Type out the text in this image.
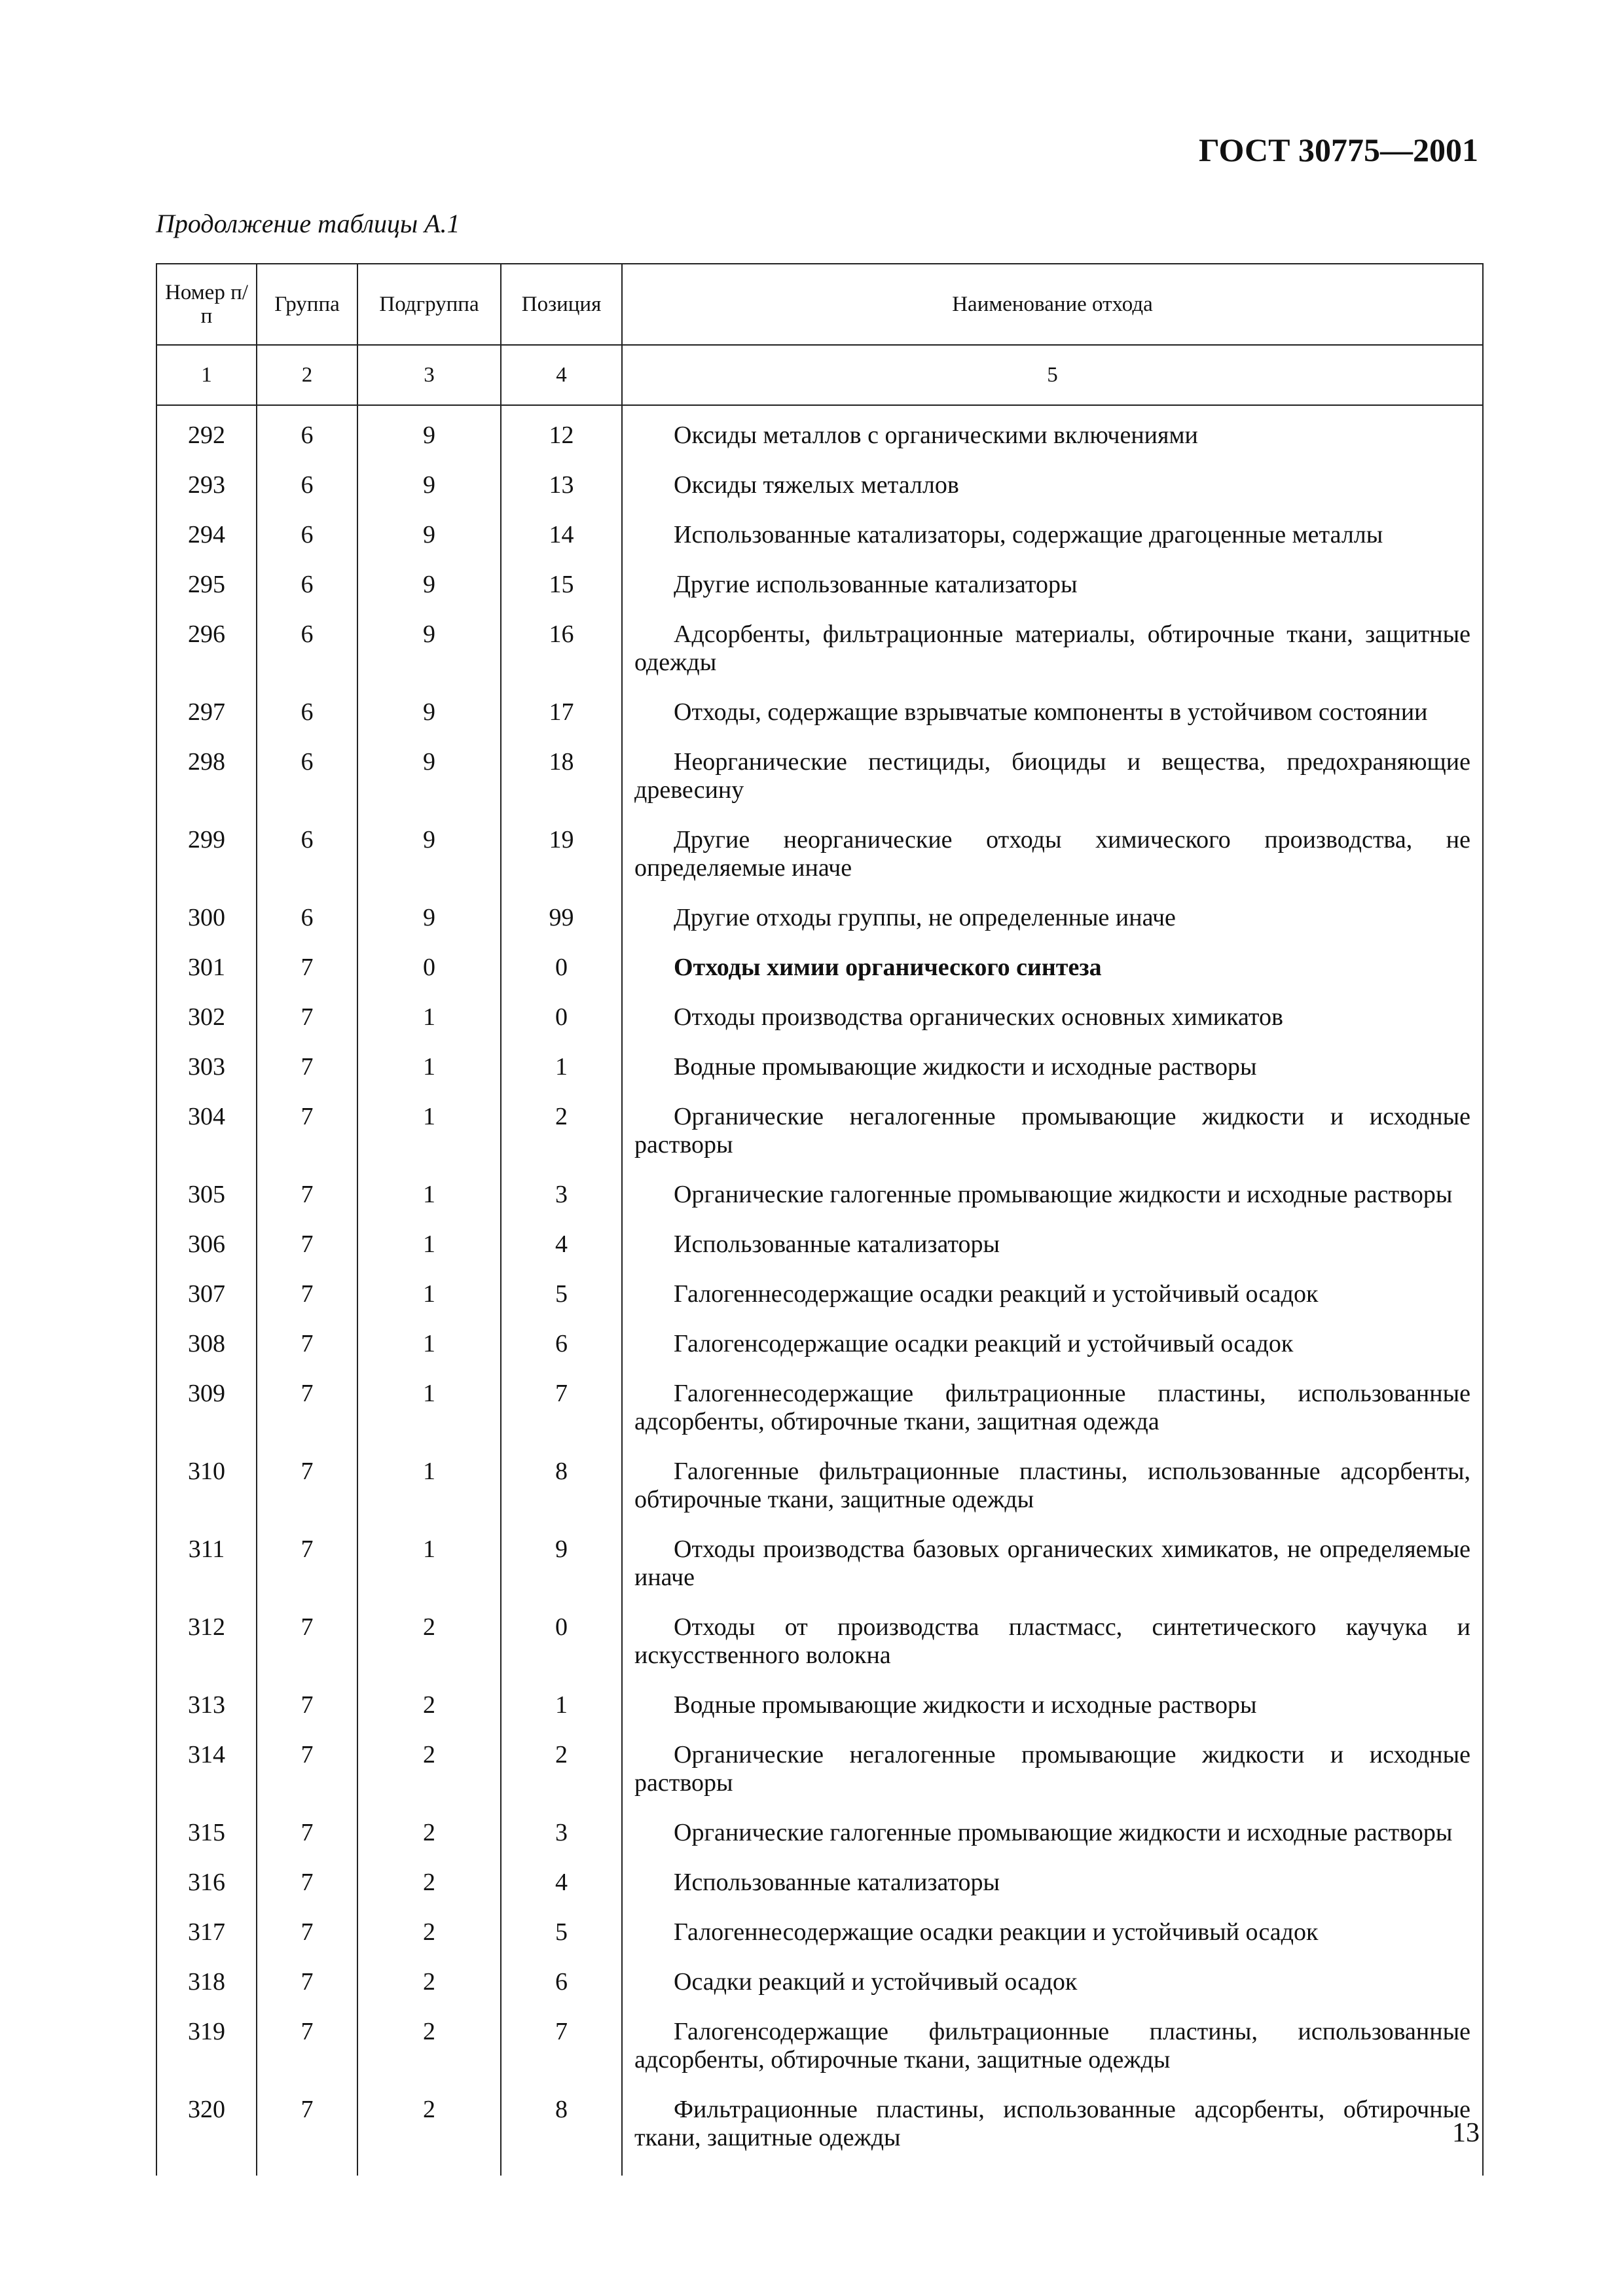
ГОСТ 30775—2001
Продолжение таблицы А.1
Номер п/п	Группа	Подгруппа	Позиция	Наименование отхода
1	2	3	4	5
292	6	9	12	Оксиды металлов с органическими включениями
293	6	9	13	Оксиды тяжелых металлов
294	6	9	14	Использованные катализаторы, содержащие драгоценные металлы
295	6	9	15	Другие использованные катализаторы
296	6	9	16	Адсорбенты, фильтрационные материалы, обтирочные ткани, защитные одежды
297	6	9	17	Отходы, содержащие взрывчатые компоненты в устойчивом состоянии
298	6	9	18	Неорганические пестициды, биоциды и вещества, предохраняющие древесину
299	6	9	19	Другие неорганические отходы химического производства, не определяемые иначе
300	6	9	99	Другие отходы группы, не определенные иначе
301	7	0	0	Отходы химии органического синтеза
302	7	1	0	Отходы производства органических основных химикатов
303	7	1	1	Водные промывающие жидкости и исходные растворы
304	7	1	2	Органические негалогенные промывающие жидкости и исходные растворы
305	7	1	3	Органические галогенные промывающие жидкости и исходные растворы
306	7	1	4	Использованные катализаторы
307	7	1	5	Галогеннесодержащие осадки реакций и устойчивый осадок
308	7	1	6	Галогенсодержащие осадки реакций и устойчивый осадок
309	7	1	7	Галогеннесодержащие фильтрационные пластины, использованные адсорбенты, обтирочные ткани, защитная одежда
310	7	1	8	Галогенные фильтрационные пластины, использованные адсорбенты, обтирочные ткани, защитные одежды
311	7	1	9	Отходы производства базовых органических химикатов, не определяемые иначе
312	7	2	0	Отходы от производства пластмасс, синтетического каучука и искусственного волокна
313	7	2	1	Водные промывающие жидкости и исходные растворы
314	7	2	2	Органические негалогенные промывающие жидкости и исходные растворы
315	7	2	3	Органические галогенные промывающие жидкости и исходные растворы
316	7	2	4	Использованные катализаторы
317	7	2	5	Галогеннесодержащие осадки реакции и устойчивый осадок
318	7	2	6	Осадки реакций и устойчивый осадок
319	7	2	7	Галогенсодержащие фильтрационные пластины, использованные адсорбенты, обтирочные ткани, защитные одежды
320	7	2	8	Фильтрационные пластины, использованные адсорбенты, обтирочные ткани, защитные одежды	13
